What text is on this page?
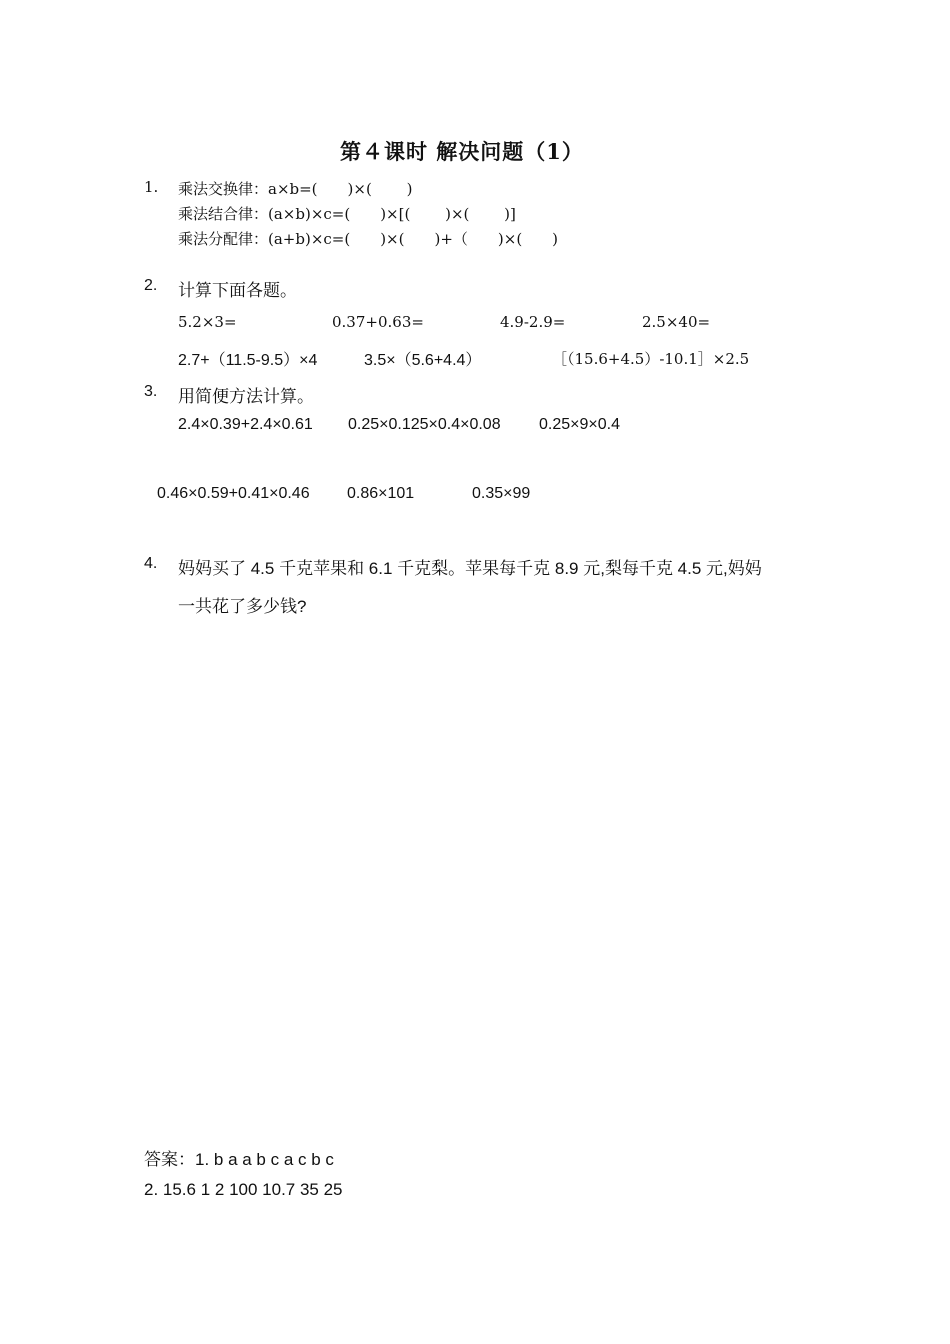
第４课时 解决问题（1）
1. 乘法交换律：a×b=(　　)×(　　 )
乘法结合律：(a×b)×c=(　　)×[(　　 )×(　　 )]
乘法分配律：(a+b)×c=(　　)×(　　)+（　　)×(　　)
2. 计算下面各题。
5.2×3=	0.37+0.63=	4.9-2.9=	2.5×40=
2.7+（11.5-9.5）×4	3.5×（5.6+4.4）	［（15.6+4.5）-10.1］×2.5
3. 用简便方法计算。
2.4×0.39+2.4×0.61 0.25×0.125×0.4×0.08 0.25×9×0.4
0.46×0.59+0.41×0.46 0.86×101	0.35×99
4. 妈妈买了 4.5 千克苹果和 6.1 千克梨。苹果每千克 8.9 元,梨每千克 4.5 元,妈妈
一共花了多少钱?
答案：1. b a a b c a c b c
2. 15.6 1 2 100 10.7 35 25
